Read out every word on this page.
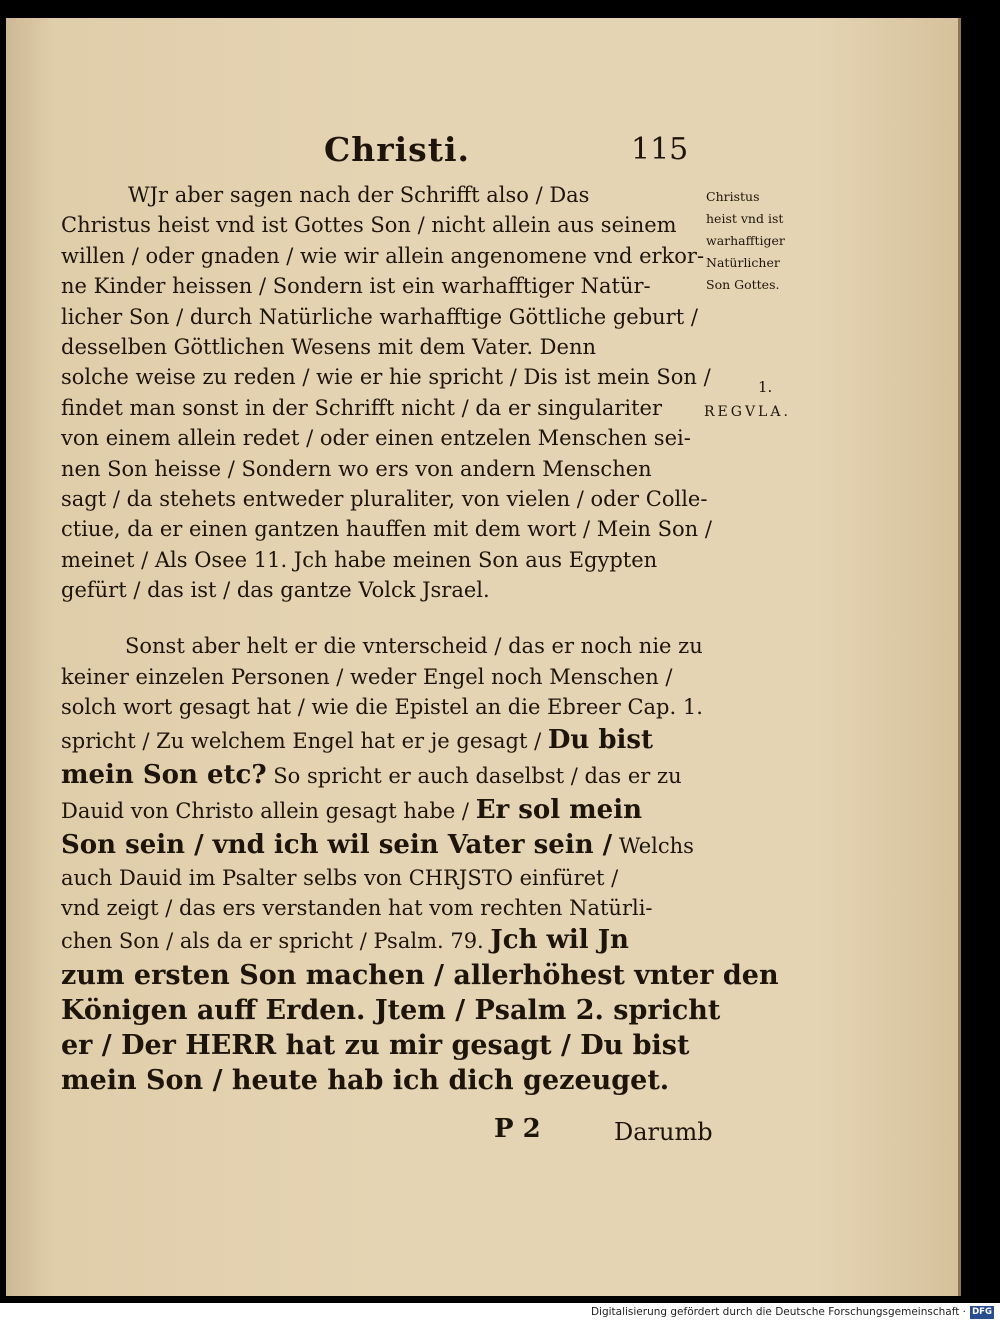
Christi.	115
WJr aber sagen nach der Schrifft also / Das
Christus heist vnd ist Gottes Son / nicht allein aus seinem
willen / oder gnaden / wie wir allein angenomene vnd erkor-
ne Kinder heissen / Sondern ist ein warhafftiger Natür-
licher Son / durch Natürliche warhafftige Göttliche geburt /
desselben Göttlichen Wesens mit dem Vater. Denn
solche weise zu reden / wie er hie spricht / Dis ist mein Son /
findet man sonst in der Schrifft nicht / da er singulariter
von einem allein redet / oder einen entzelen Menschen sei-
nen Son heisse / Sondern wo ers von andern Menschen
sagt / da stehets entweder pluraliter, von vielen / oder Colle-
ctiue, da er einen gantzen hauffen mit dem wort / Mein Son /
meinet / Als Osee 11. Jch habe meinen Son aus Egypten
gefürt / das ist / das gantze Volck Jsrael.
Sonst aber helt er die vnterscheid / das er noch nie zu
keiner einzelen Personen / weder Engel noch Menschen /
solch wort gesagt hat / wie die Epistel an die Ebreer Cap. 1.
spricht / Zu welchem Engel hat er je gesagt / Du bist
mein Son etc? So spricht er auch daselbst / das er zu
Dauid von Christo allein gesagt habe / Er sol mein
Son sein / vnd ich wil sein Vater sein / Welchs
auch Dauid im Psalter selbs von CHRJSTO einfüret /
vnd zeigt / das ers verstanden hat vom rechten Natürli-
chen Son / als da er spricht / Psalm. 79. Jch wil Jn
zum ersten Son machen / allerhöhest vnter den
Königen auff Erden. Jtem / Psalm 2. spricht
er / Der HERR hat zu mir gesagt / Du bist
mein Son / heute hab ich dich gezeuget.
Christus
heist vnd ist
warhafftiger
Natürlicher
Son Gottes.
1.
REGVLA.
P 2	Darumb
Digitalisierung gefördert durch die Deutsche Forschungsgemeinschaft · DFG
